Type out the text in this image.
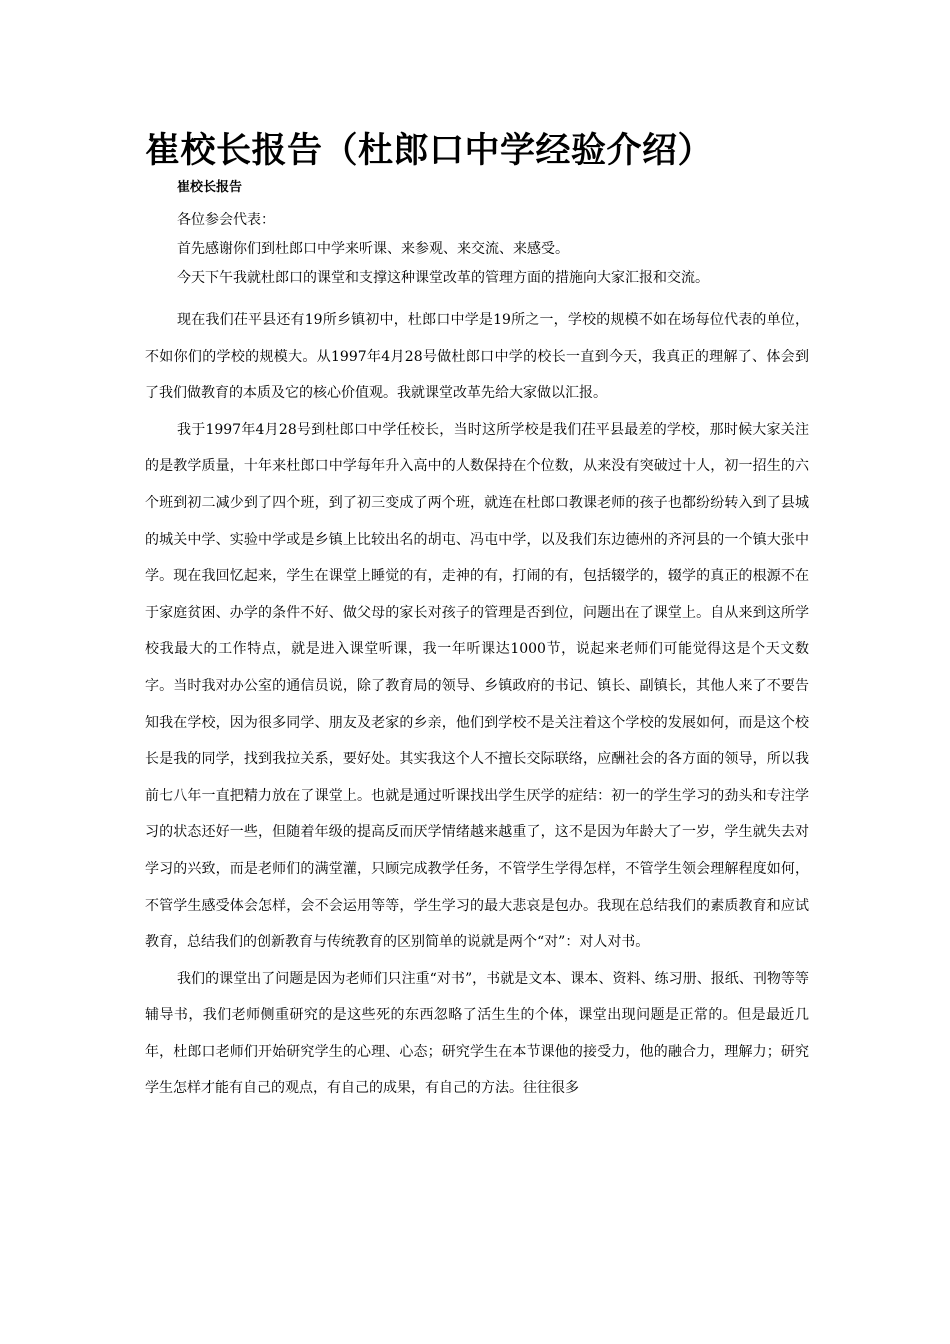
崔校长报告（杜郎口中学经验介绍）
崔校长报告

各位参会代表：

首先感谢你们到杜郎口中学来听课、来参观、来交流、来感受。

今天下午我就杜郎口的课堂和支撑这种课堂改革的管理方面的措施向大家汇报和交流。

现在我们茌平县还有19所乡镇初中，杜郎口中学是19所之一，学校的规模不如在场每位代表的单位，不如你们的学校的规模大。从1997年4月28号做杜郎口中学的校长一直到今天，我真正的理解了、体会到了我们做教育的本质及它的核心价值观。我就课堂改革先给大家做以汇报。

我于1997年4月28号到杜郎口中学任校长，当时这所学校是我们茌平县最差的学校，那时候大家关注的是教学质量，十年来杜郎口中学每年升入高中的人数保持在个位数，从来没有突破过十人，初一招生的六个班到初二减少到了四个班，到了初三变成了两个班，就连在杜郎口教课老师的孩子也都纷纷转入到了县城的城关中学、实验中学或是乡镇上比较出名的胡屯、冯屯中学，以及我们东边德州的齐河县的一个镇大张中学。现在我回忆起来，学生在课堂上睡觉的有，走神的有，打闹的有，包括辍学的，辍学的真正的根源不在于家庭贫困、办学的条件不好、做父母的家长对孩子的管理是否到位，问题出在了课堂上。自从来到这所学校我最大的工作特点，就是进入课堂听课，我一年听课达1000节，说起来老师们可能觉得这是个天文数字。当时我对办公室的通信员说，除了教育局的领导、乡镇政府的书记、镇长、副镇长，其他人来了不要告知我在学校，因为很多同学、朋友及老家的乡亲，他们到学校不是关注着这个学校的发展如何，而是这个校长是我的同学，找到我拉关系，要好处。其实我这个人不擅长交际联络，应酬社会的各方面的领导，所以我前七八年一直把精力放在了课堂上。也就是通过听课找出学生厌学的症结：初一的学生学习的劲头和专注学习的状态还好一些，但随着年级的提高反而厌学情绪越来越重了，这不是因为年龄大了一岁，学生就失去对学习的兴致，而是老师们的满堂灌，只顾完成教学任务，不管学生学得怎样，不管学生领会理解程度如何，不管学生感受体会怎样，会不会运用等等，学生学习的最大悲哀是包办。我现在总结我们的素质教育和应试教育，总结我们的创新教育与传统教育的区别简单的说就是两个“对”：对人对书。

我们的课堂出了问题是因为老师们只注重“对书”，书就是文本、课本、资料、练习册、报纸、刊物等等辅导书，我们老师侧重研究的是这些死的东西忽略了活生生的个体，课堂出现问题是正常的。但是最近几年，杜郎口老师们开始研究学生的心理、心态；研究学生在本节课他的接受力，他的融合力，理解力；研究学生怎样才能有自己的观点，有自己的成果，有自己的方法。往往很多
